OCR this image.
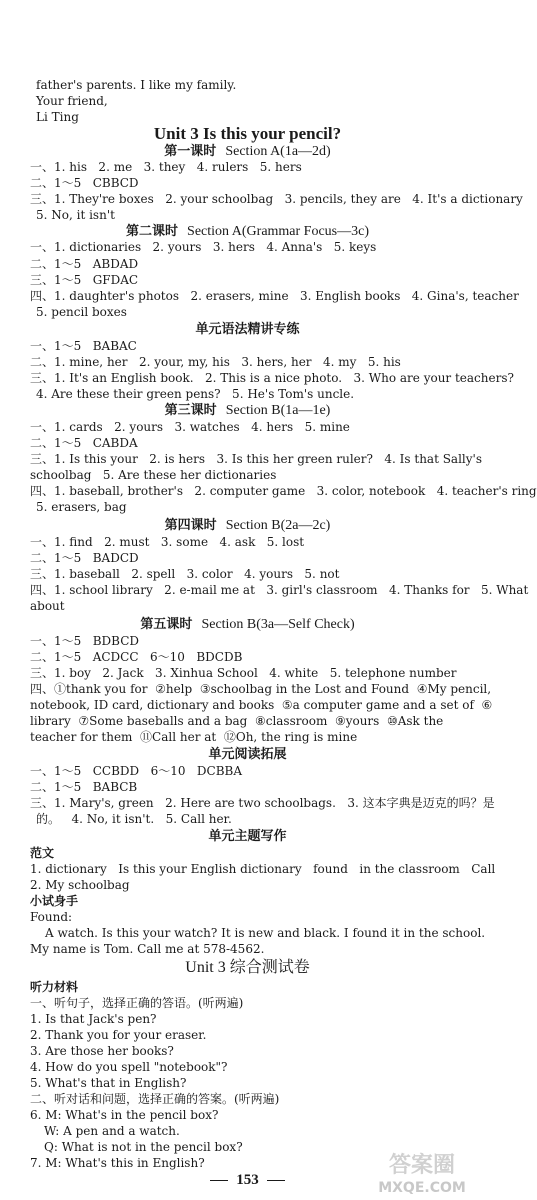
father's parents. I like my family.
Your friend,
Li Ting
Unit 3 Is this your pencil?
第一课时 Section A(1a—2d)
一、1. his   2. me   3. they   4. rulers   5. hers
二、1～5   CBBCD
三、1. They're boxes   2. your schoolbag   3. pencils, they are   4. It's a dictionary
5. No, it isn't
第二课时 Section A(Grammar Focus—3c)
一、1. dictionaries   2. yours   3. hers   4. Anna's   5. keys
二、1～5   ABDAD
三、1～5   GFDAC
四、1. daughter's photos   2. erasers, mine   3. English books   4. Gina's, teacher
5. pencil boxes
单元语法精讲专练
一、1～5   BABAC
二、1. mine, her   2. your, my, his   3. hers, her   4. my   5. his
三、1. It's an English book.   2. This is a nice photo.   3. Who are your teachers?
4. Are these their green pens?   5. He's Tom's uncle.
第三课时 Section B(1a—1e)
一、1. cards   2. yours   3. watches   4. hers   5. mine
二、1～5   CABDA
三、1. Is this your   2. is hers   3. Is this her green ruler?   4. Is that Sally's
schoolbag   5. Are these her dictionaries
四、1. baseball, brother's   2. computer game   3. color, notebook   4. teacher's ring
5. erasers, bag
第四课时 Section B(2a—2c)
一、1. find   2. must   3. some   4. ask   5. lost
二、1～5   BADCD
三、1. baseball   2. spell   3. color   4. yours   5. not
四、1. school library   2. e-mail me at   3. girl's classroom   4. Thanks for   5. What
about
第五课时 Section B(3a—Self Check)
一、1～5   BDBCD
二、1～5   ACDCC   6～10   BDCDB
三、1. boy   2. Jack   3. Xinhua School   4. white   5. telephone number
四、①thank you for  ②help  ③schoolbag in the Lost and Found  ④My pencil,
notebook, ID card, dictionary and books  ⑤a computer game and a set of  ⑥
library  ⑦Some baseballs and a bag  ⑧classroom  ⑨yours  ⑩Ask the
teacher for them  ⑪Call her at  ⑫Oh, the ring is mine
单元阅读拓展
一、1～5   CCBDD   6～10   DCBBA
二、1～5   BABCB
三、1. Mary's, green   2. Here are two schoolbags.   3. 这本字典是迈克的吗？是
的。   4. No, it isn't.   5. Call her.
单元主题写作
范文
1. dictionary   Is this your English dictionary   found   in the classroom   Call
2. My schoolbag
小试身手
Found:
A watch. Is this your watch? It is new and black. I found it in the school.
My name is Tom. Call me at 578-4562.
Unit 3 综合测试卷
听力材料
一、听句子，选择正确的答语。(听两遍)
1. Is that Jack's pen?
2. Thank you for your eraser.
3. Are those her books?
4. How do you spell "notebook"?
5. What's that in English?
二、听对话和问题，选择正确的答案。(听两遍)
6. M: What's in the pencil box?
W: A pen and a watch.
Q: What is not in the pencil box?
7. M: What's this in English?
153
答案圈
MXQE.COM
